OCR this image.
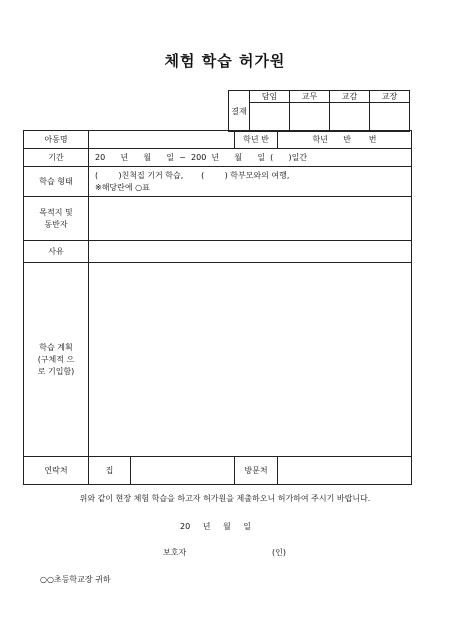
체험 학습 허가원
결재	담임	교무	교감	교장

아동명			학년 반	학년      반       번
기간	20      년      월      일  ~  200  년      월      일  (      )일간			
학습 형태	(        )친척집 기거 학습,       (        ) 학부모와의 여행,
※해당란에 ○표			

목적지 및
동반자				

사유				

학습 계획
(구체적 으
로 기입함)				

연락처	집		방문처	
위와 같이 현장 체험 학습을 하고자 허가원을 제출하오니 허가하여 주시기 바랍니다.
20 년 월 일
보호자	(인)
○○초등학교장 귀하
